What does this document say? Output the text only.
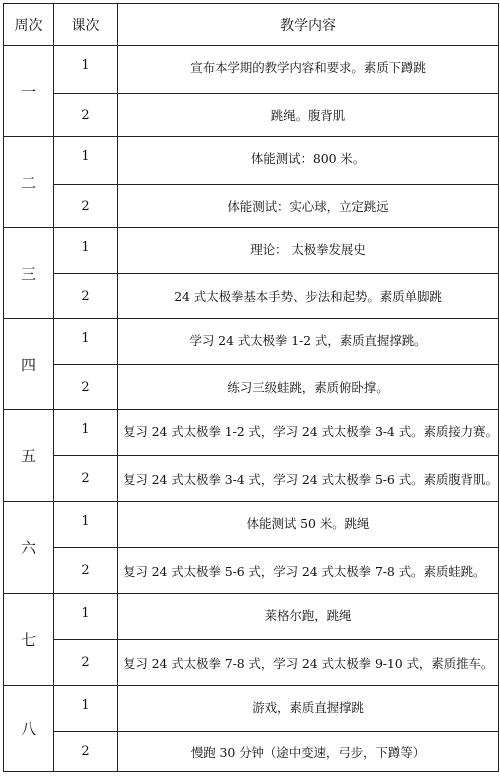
周次	课次	教学内容
一	1	宣布本学期的教学内容和要求。素质下蹲跳
	2	跳绳。腹背肌
二	1	体能测试：800 米。
	2	体能测试：实心球，立定跳远
三	1	理论： 太极拳发展史
	2	24 式太极拳基本手势、步法和起势。素质单脚跳
四	1	学习 24 式太极拳 1-2 式，素质直握撑跳。
	2	练习三级蛙跳，素质俯卧撑。
五	1	复习 24 式太极拳 1-2 式，学习 24 式太极拳 3-4 式。素质接力赛。
	2	复习 24 式太极拳 3-4 式，学习 24 式太极拳 5-6 式。素质腹背肌。
六	1	体能测试 50 米。跳绳
	2	复习 24 式太极拳 5-6 式，学习 24 式太极拳 7-8 式。素质蛙跳。
七	1	莱格尔跑，跳绳
	2	复习 24 式太极拳 7-8 式，学习 24 式太极拳 9-10 式，素质推车。
八	1	游戏，素质直握撑跳
	2	慢跑 30 分钟（途中变速，弓步，下蹲等）
